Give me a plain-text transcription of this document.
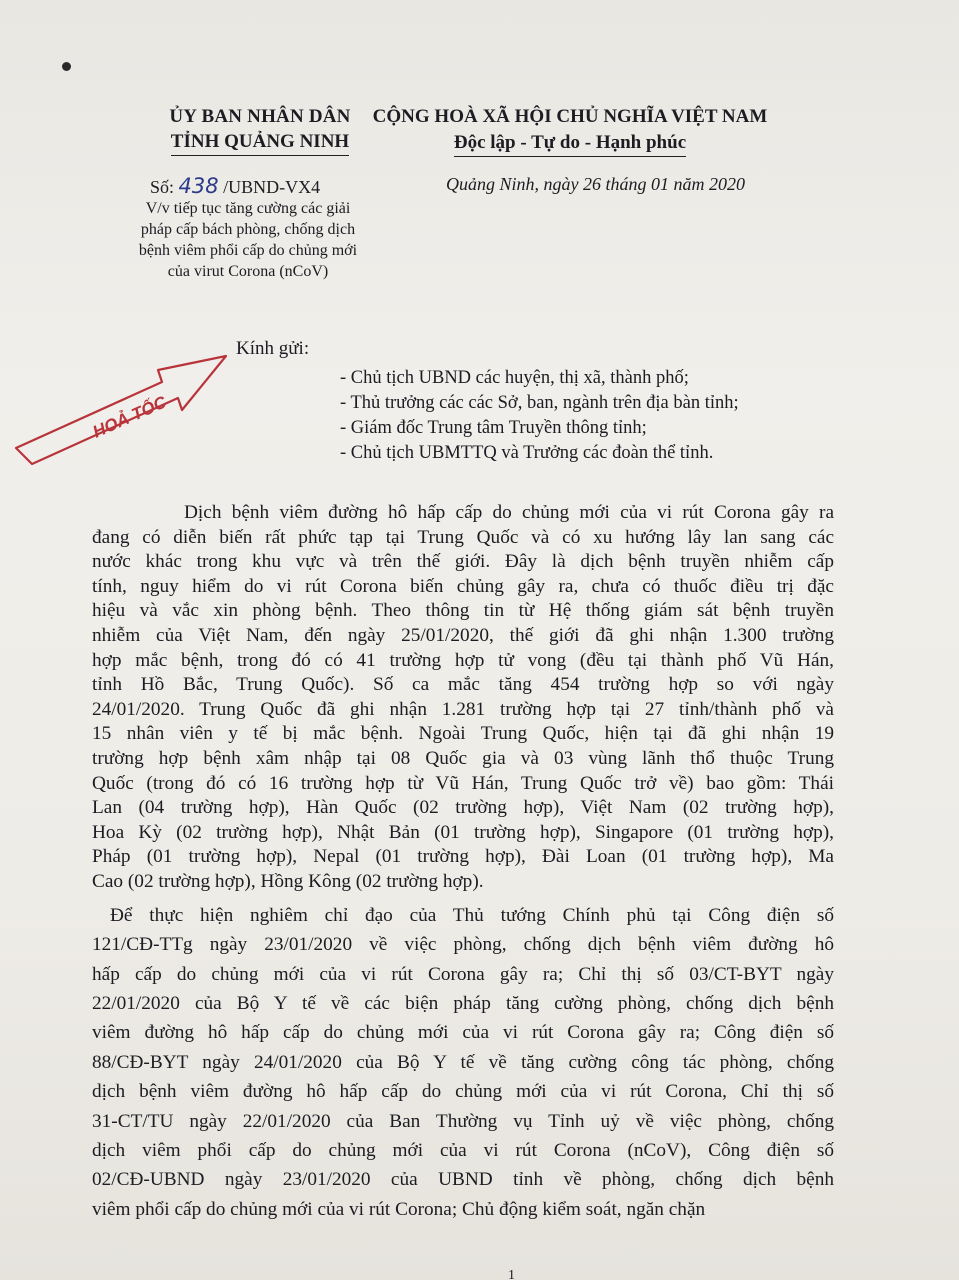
ỦY BAN NHÂN DÂN
TỈNH QUẢNG NINH
CỘNG HOÀ XÃ HỘI CHỦ NGHĨA VIỆT NAM
Độc lập - Tự do - Hạnh phúc
Số: 438 /UBND-VX4	Quảng Ninh, ngày 26 tháng 01 năm 2020
V/v tiếp tục tăng cường các giải
pháp cấp bách phòng, chống dịch
bệnh viêm phổi cấp do chủng mới
của virut Corona (nCoV)
HOẢ TỐC
Kính gửi:
- Chủ tịch UBND các huyện, thị xã, thành phố;
- Thủ trưởng các các Sở, ban, ngành trên địa bàn tỉnh;
- Giám đốc Trung tâm Truyền thông tỉnh;
- Chủ tịch UBMTTQ và Trưởng các đoàn thể tỉnh.
Dịch bệnh viêm đường hô hấp cấp do chủng mới của vi rút Corona gây ra
đang có diễn biến rất phức tạp tại Trung Quốc và có xu hướng lây lan sang các
nước khác trong khu vực và trên thế giới. Đây là dịch bệnh truyền nhiễm cấp
tính, nguy hiểm do vi rút Corona biến chủng gây ra, chưa có thuốc điều trị đặc
hiệu và vắc xin phòng bệnh. Theo thông tin từ Hệ thống giám sát bệnh truyền
nhiễm của Việt Nam, đến ngày 25/01/2020, thế giới đã ghi nhận 1.300 trường
hợp mắc bệnh, trong đó có 41 trường hợp tử vong (đều tại thành phố Vũ Hán,
tỉnh Hồ Bắc, Trung Quốc). Số ca mắc tăng 454 trường hợp so với ngày
24/01/2020. Trung Quốc đã ghi nhận 1.281 trường hợp tại 27 tỉnh/thành phố và
15 nhân viên y tế bị mắc bệnh. Ngoài Trung Quốc, hiện tại đã ghi nhận 19
trường hợp bệnh xâm nhập tại 08 Quốc gia và 03 vùng lãnh thổ thuộc Trung
Quốc (trong đó có 16 trường hợp từ Vũ Hán, Trung Quốc trở về) bao gồm: Thái
Lan (04 trường hợp), Hàn Quốc (02 trường hợp), Việt Nam (02 trường hợp),
Hoa Kỳ (02 trường hợp), Nhật Bản (01 trường hợp), Singapore (01 trường hợp),
Pháp (01 trường hợp), Nepal (01 trường hợp), Đài Loan (01 trường hợp), Ma
Cao (02 trường hợp), Hồng Kông (02 trường hợp).
Để thực hiện nghiêm chỉ đạo của Thủ tướng Chính phủ tại Công điện số
121/CĐ-TTg ngày 23/01/2020 về việc phòng, chống dịch bệnh viêm đường hô
hấp cấp do chủng mới của vi rút Corona gây ra; Chỉ thị số 03/CT-BYT ngày
22/01/2020 của Bộ Y tế về các biện pháp tăng cường phòng, chống dịch bệnh
viêm đường hô hấp cấp do chủng mới của vi rút Corona gây ra; Công điện số
88/CĐ-BYT ngày 24/01/2020 của Bộ Y tế về tăng cường công tác phòng, chống
dịch bệnh viêm đường hô hấp cấp do chủng mới của vi rút Corona, Chỉ thị số
31-CT/TU ngày 22/01/2020 của Ban Thường vụ Tỉnh uỷ về việc phòng, chống
dịch viêm phổi cấp do chủng mới của vi rút Corona (nCoV), Công điện số
02/CĐ-UBND ngày 23/01/2020 của UBND tỉnh về phòng, chống dịch bệnh
viêm phổi cấp do chủng mới của vi rút Corona; Chủ động kiểm soát, ngăn chặn
1
